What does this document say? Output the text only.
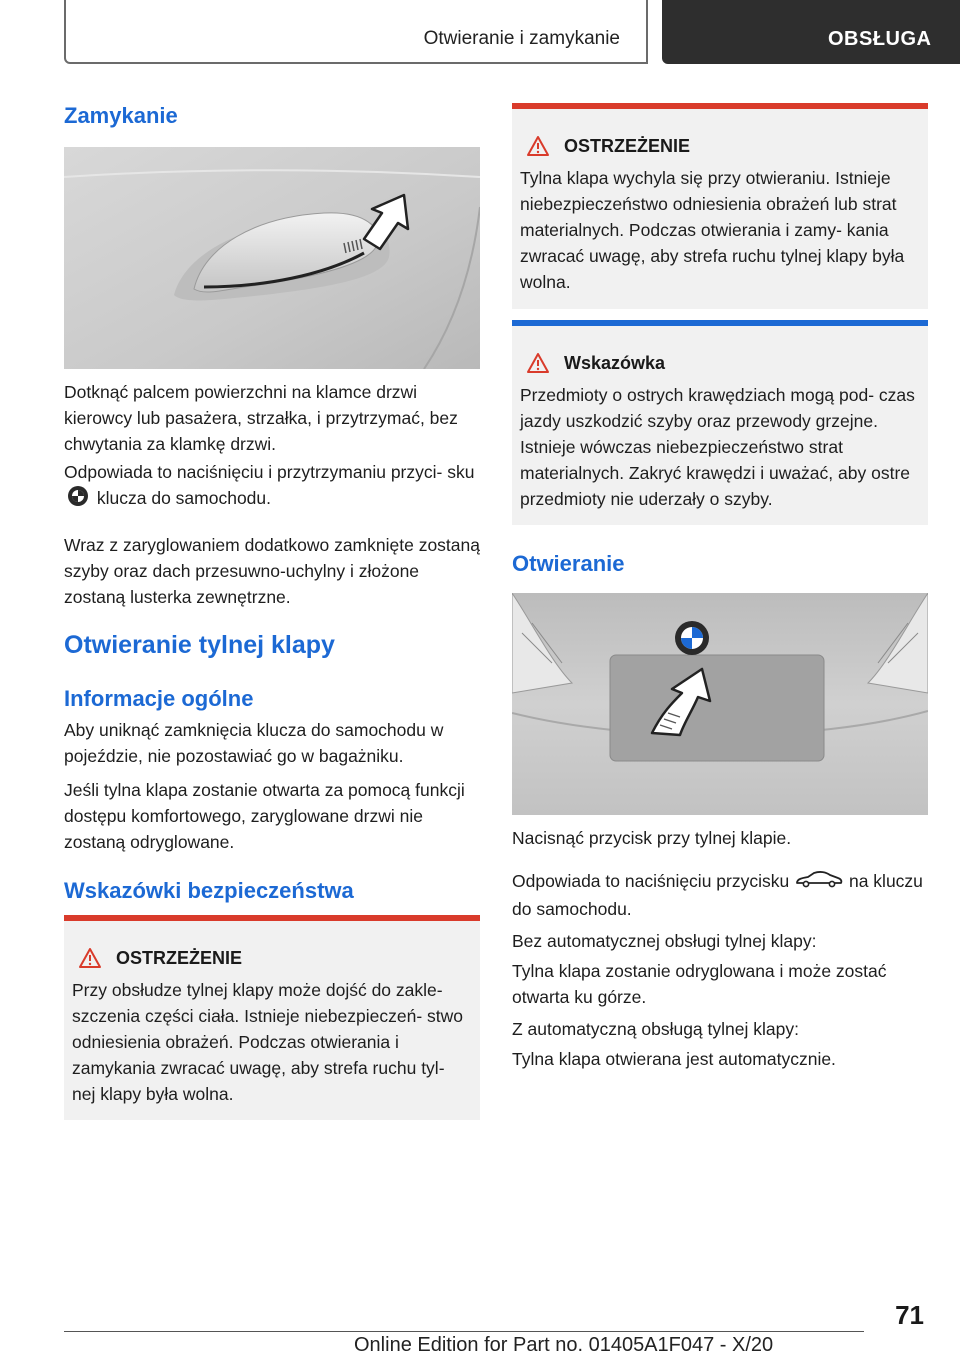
Otwieranie i zamykanie	OBSŁUGA
Zamykanie

Dotknąć palcem powierzchni na klamce drzwi kierowcy lub pasażera, strzałka, i przytrzymać, bez chwytania za klamkę drzwi.

Odpowiada to naciśnięciu i przytrzymaniu przyci‐ sku  klucza do samochodu.

Wraz z zaryglowaniem dodatkowo zamknięte zostaną szyby oraz dach przesuwno-uchylny i złożone zostaną lusterka zewnętrzne.

Otwieranie tylnej klapy
Informacje ogólne

Aby uniknąć zamknięcia klucza do samochodu w pojeździe, nie pozostawiać go w bagażniku.

Jeśli tylna klapa zostanie otwarta za pomocą funkcji dostępu komfortowego, zaryglowane drzwi nie zostaną odryglowane.

Wskazówki bezpieczeństwa
OSTRZEŻENIE

Przy obsłudze tylnej klapy może dojść do zakle‐ szczenia części ciała. Istnieje niebezpieczeń‐ stwo odniesienia obrażeń. Podczas otwierania i zamykania zwracać uwagę, aby strefa ruchu tyl‐ nej klapy była wolna.

OSTRZEŻENIE

Tylna klapa wychyla się przy otwieraniu. Istnieje niebezpieczeństwo odniesienia obrażeń lub strat materialnych. Podczas otwierania i zamy‐ kania zwracać uwagę, aby strefa ruchu tylnej klapy była wolna.

Wskazówka

Przedmioty o ostrych krawędziach mogą pod‐ czas jazdy uszkodzić szyby oraz przewody grzejne. Istnieje wówczas niebezpieczeństwo strat materialnych. Zakryć krawędzi i uważać, aby ostre przedmioty nie uderzały o szyby.

Otwieranie

Nacisnąć przycisk przy tylnej klapie.

Odpowiada to naciśnięciu przycisku	na kluczu do samochodu.

Bez automatycznej obsługi tylnej klapy:

Tylna klapa zostanie odryglowana i może zostać otwarta ku górze.

Z automatyczną obsługą tylnej klapy:

Tylna klapa otwierana jest automatycznie.

71
Online Edition for Part no. 01405A1F047 - X/20
